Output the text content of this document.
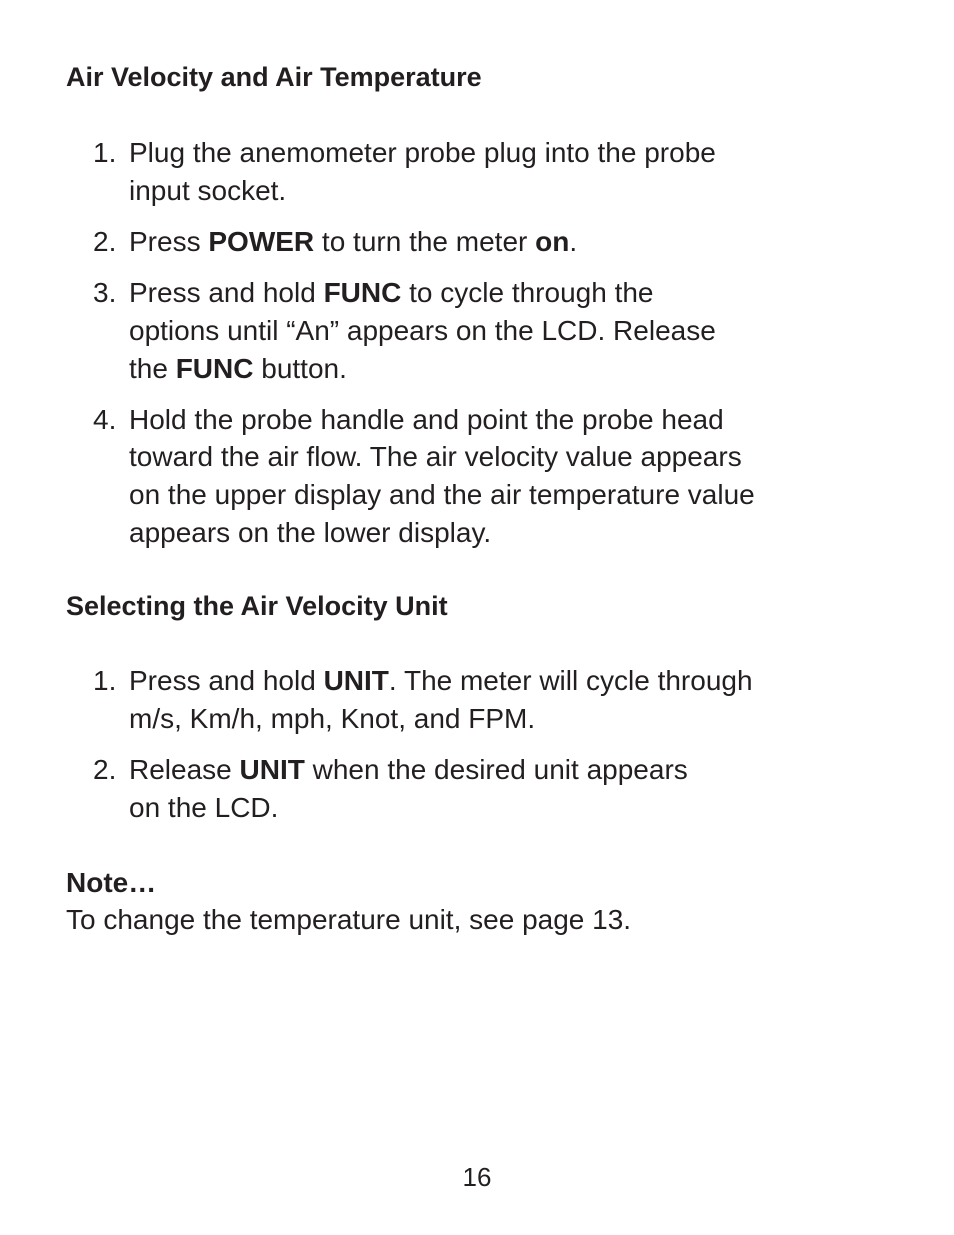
Air Velocity and Air Temperature
1. Plug the anemometer probe plug into the probe
input socket.
2. Press POWER to turn the meter on.
3. Press and hold FUNC to cycle through the
options until “An” appears on the LCD. Release
the FUNC button.
4. Hold the probe handle and point the probe head
toward the air flow. The air velocity value appears
on the upper display and the air temperature value
appears on the lower display.
Selecting the Air Velocity Unit
1. Press and hold UNIT. The meter will cycle through
m/s, Km/h, mph, Knot, and FPM.
2. Release UNIT when the desired unit appears
on the LCD.
Note…
To change the temperature unit, see page 13.
16
